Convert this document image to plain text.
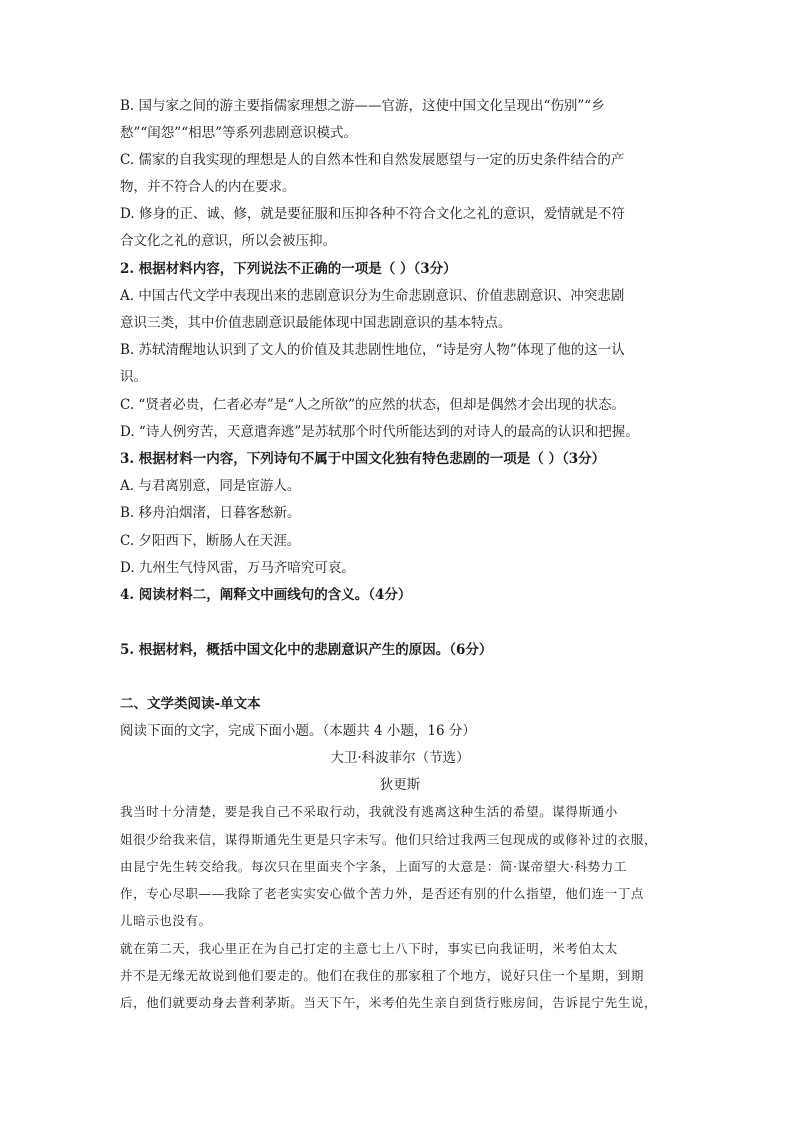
B. 国与家之间的游主要指儒家理想之游——官游，这使中国文化呈现出“伤别”“乡
愁”“闺怨”“相思”等系列悲剧意识模式。
C. 儒家的自我实现的理想是人的自然本性和自然发展愿望与一定的历史条件结合的产
物，并不符合人的内在要求。
D. 修身的正、诚、修，就是要征服和压抑各种不符合文化之礼的意识，爱情就是不符
合文化之礼的意识，所以会被压抑。
2. 根据材料内容，下列说法不正确的一项是（ ）（3分）
A. 中国古代文学中表现出来的悲剧意识分为生命悲剧意识、价值悲剧意识、冲突悲剧
意识三类，其中价值悲剧意识最能体现中国悲剧意识的基本特点。
B. 苏轼清醒地认识到了文人的价值及其悲剧性地位，“诗是穷人物”体现了他的这一认
识。
C. “贤者必贵，仁者必寿”是“人之所欲”的应然的状态，但却是偶然才会出现的状态。
D. “诗人例穷苦，天意遣奔逃”是苏轼那个时代所能达到的对诗人的最高的认识和把握。
3. 根据材料一内容，下列诗句不属于中国文化独有特色悲剧的一项是（ ）（3分）
A. 与君离别意，同是宦游人。
B. 移舟泊烟渚，日暮客愁新。
C. 夕阳西下，断肠人在天涯。
D. 九州生气恃风雷，万马齐喑究可哀。
4. 阅读材料二，阐释文中画线句的含义。（4分）
5. 根据材料，概括中国文化中的悲剧意识产生的原因。（6分）
二、文学类阅读-单文本
阅读下面的文字，完成下面小题。（本题共 4 小题，16 分）
大卫·科波菲尔（节选）
狄更斯
我当时十分清楚，要是我自己不采取行动，我就没有逃离这种生活的希望。谋得斯通小
姐很少给我来信，谋得斯通先生更是只字未写。他们只给过我两三包现成的或修补过的衣服，
由昆宁先生转交给我。每次只在里面夹个字条，上面写的大意是：简·谋帝望大·科势力工
作，专心尽职——我除了老老实实安心做个苦力外，是否还有别的什么指望，他们连一丁点
儿暗示也没有。
就在第二天，我心里正在为自己打定的主意七上八下时，事实已向我证明，米考伯太太
并不是无缘无故说到他们要走的。他们在我住的那家租了个地方，说好只住一个星期，到期
后，他们就要动身去普利茅斯。当天下午，米考伯先生亲自到货行账房间，告诉昆宁先生说，
